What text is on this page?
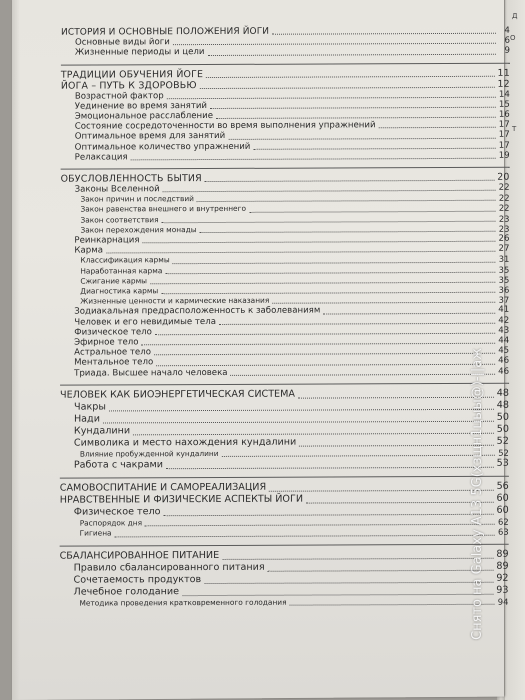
Д
О
Т
ИСТОРИЯ И ОСНОВНЫЕ ПОЛОЖЕНИЯ ЙОГИ	4
Основные виды йоги	6
Жизненные периоды и цели	9
ТРАДИЦИИ ОБУЧЕНИЯ ЙОГЕ	11
ЙОГА – ПУТЬ К ЗДОРОВЬЮ	12
Возрастной фактор	14
Уединение во время занятий	15
Эмоциональное расслабление	16
Состояние сосредоточенности во время выполнения упражнений	17
Оптимальное время для занятий	17
Оптимальное количество упражнений	17
Релаксация	19
ОБУСЛОВЛЕННОСТЬ БЫТИЯ	20
Законы Вселенной	22
Закон причин и последствий	22
Закон равенства внешнего и внутреннего	22
Закон соответствия	23
Закон перехождения монады	23
Реинкарнация	26
Карма	27
Классификация кармы	31
Наработанная карма	35
Сжигание кармы	35
Диагностика кармы	36
Жизненные ценности и кармические наказания	37
Зодиакальная предрасположенность к заболеваниям	41
Человек и его невидимые тела	42
Физическое тело	43
Эфирное тело	44
Астральное тело	45
Ментальное тело	46
Триада. Высшее начало человека	46
ЧЕЛОВЕК КАК БИОЭНЕРГЕТИЧЕСКАЯ СИСТЕМА	48
Чакры	48
Нади	50
Кундалини	50
Символика и место нахождения кундалини	52
Влияние пробужденной кундалини	52
Работа с чакрами	53
САМОВОСПИТАНИЕ И САМОРЕАЛИЗАЦИЯ	56
НРАВСТВЕННЫЕ И ФИЗИЧЕСКИЕ АСПЕКТЫ ЙОГИ	60
Физическое тело	60
Распорядок дня	62
Гигиена	63
СБАЛАНСИРОВАННОЕ ПИТАНИЕ	89
Правило сбалансированного питания	89
Сочетаемость продуктов	92
Лечебное голодание	93
Методика проведения кратковременного голодания	94
Снято на Galaxy A13 5G(хзщн1цыы@)-||аж
